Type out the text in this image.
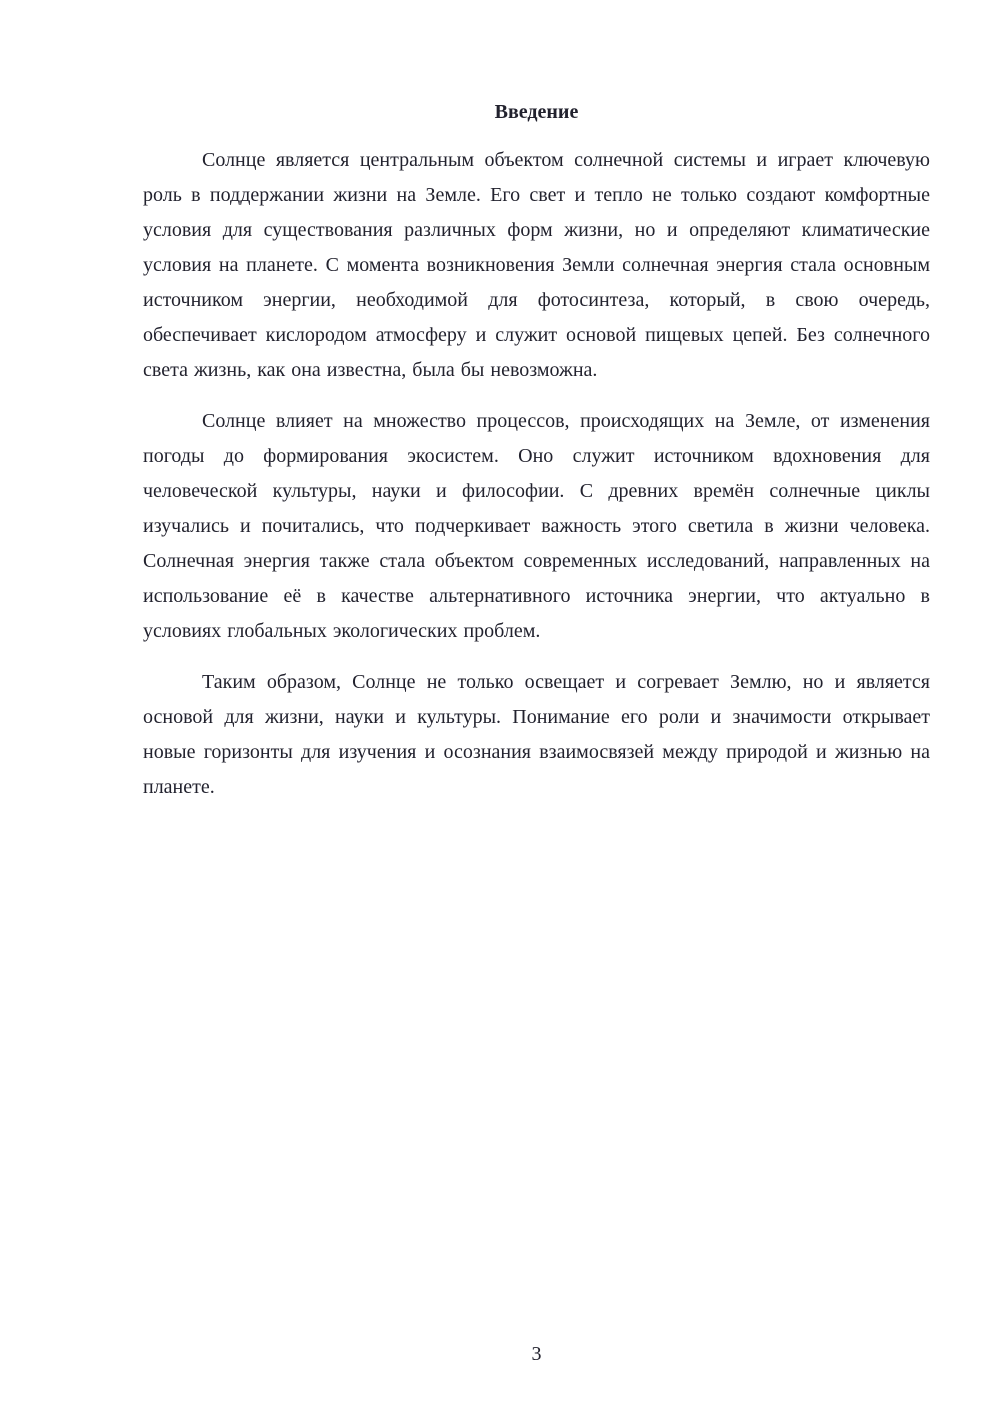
Введение

Солнце является центральным объектом солнечной системы и играет ключевую роль в поддержании жизни на Земле. Его свет и тепло не только создают комфортные условия для существования различных форм жизни, но и определяют климатические условия на планете. С момента возникновения Земли солнечная энергия стала основным источником энергии, необходимой для фотосинтеза, который, в свою очередь, обеспечивает кислородом атмосферу и служит основой пищевых цепей. Без солнечного света жизнь, как она известна, была бы невозможна.

Солнце влияет на множество процессов, происходящих на Земле, от изменения погоды до формирования экосистем. Оно служит источником вдохновения для человеческой культуры, науки и философии. С древних времён солнечные циклы изучались и почитались, что подчеркивает важность этого светила в жизни человека. Солнечная энергия также стала объектом современных исследований, направленных на использование её в качестве альтернативного источника энергии, что актуально в условиях глобальных экологических проблем.

Таким образом, Солнце не только освещает и согревает Землю, но и является основой для жизни, науки и культуры. Понимание его роли и значимости открывает новые горизонты для изучения и осознания взаимосвязей между природой и жизнью на планете.

3
